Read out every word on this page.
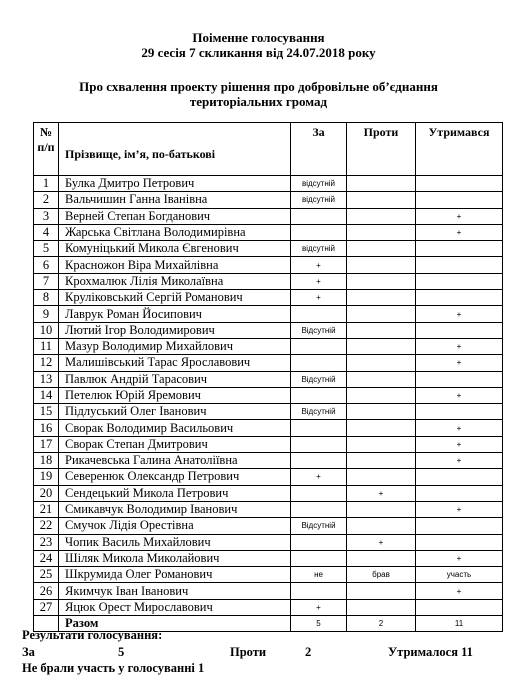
Поіменне голосування
29 сесія 7 скликання від 24.07.2018 року
Про схвалення проекту рішення про добровільне об’єднання
територіальних громад
№
п/п	Прізвище, ім’я, по-батькові	За	Проти	Утримався
1	Булка Дмитро Петрович	відсутній		
2	Вальчишин Ганна Іванівна	відсутній		
3	Верней Степан Богданович			+
4	Жарська Світлана Володимирівна			+
5	Комуніцький Микола Євгенович	відсутній		
6	Красножон Віра Михайлівна	+		
7	Крохмалюк Лілія Миколаївна	+		
8	Круліковський Сергій Романович	+		
9	Лаврук Роман Йосипович			+
10	Лютий Ігор Володимирович	Відсутній		
11	Мазур Володимир Михайлович			+
12	Малишівський Тарас Ярославович			+
13	Павлюк Андрій Тарасович	Відсутній		
14	Петелюк Юрій Яремович			+
15	Підлуський Олег Іванович	Відсутній		
16	Сворак Володимир Васильович			+
17	Сворак Степан Дмитрович			+
18	Рикачевська Галина Анатоліївна			+
19	Северенюк Олександр Петрович	+		
20	Сендецький Микола Петрович		+	
21	Смикавчук Володимир Іванович			+
22	Смучок Лідія Орестівна	Відсутній		
23	Чопик Василь Михайлович		+	
24	Шіляк Микола Миколайович			+
25	Шкрумида Олег Романович	не	брав	участь
26	Якимчук Іван Іванович			+
27	Яцюк Орест Мирославович	+		
	Разом	5	2	11
Результати голосування:
За	5	Проти	2	Утрималося 11
Не брали участь у голосуванні 1
